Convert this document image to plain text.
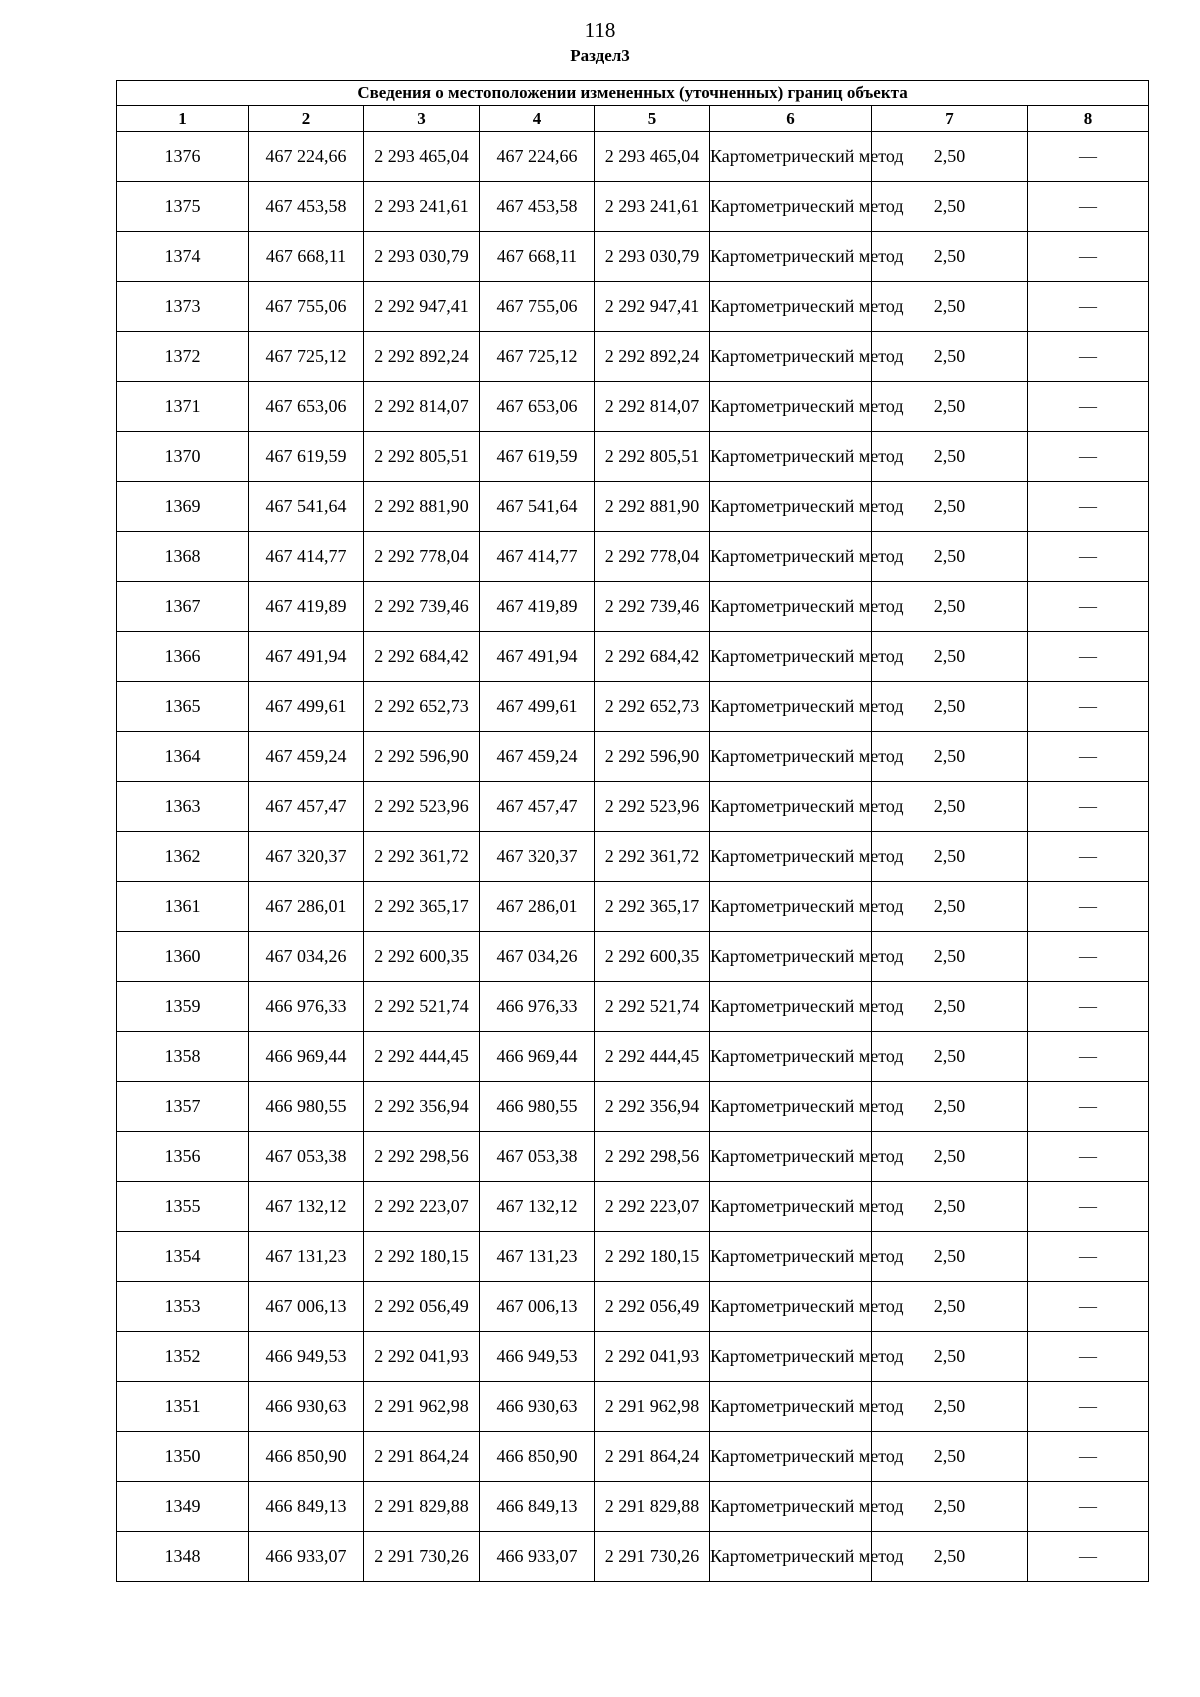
118
Раздел3
Сведения о местоположении измененных (уточненных) границ объекта							
1	2	3	4	5	6	7	8
1376	467 224,66	2 293 465,04	467 224,66	2 293 465,04	Картометрический метод	2,50	—
1375	467 453,58	2 293 241,61	467 453,58	2 293 241,61	Картометрический метод	2,50	—
1374	467 668,11	2 293 030,79	467 668,11	2 293 030,79	Картометрический метод	2,50	—
1373	467 755,06	2 292 947,41	467 755,06	2 292 947,41	Картометрический метод	2,50	—
1372	467 725,12	2 292 892,24	467 725,12	2 292 892,24	Картометрический метод	2,50	—
1371	467 653,06	2 292 814,07	467 653,06	2 292 814,07	Картометрический метод	2,50	—
1370	467 619,59	2 292 805,51	467 619,59	2 292 805,51	Картометрический метод	2,50	—
1369	467 541,64	2 292 881,90	467 541,64	2 292 881,90	Картометрический метод	2,50	—
1368	467 414,77	2 292 778,04	467 414,77	2 292 778,04	Картометрический метод	2,50	—
1367	467 419,89	2 292 739,46	467 419,89	2 292 739,46	Картометрический метод	2,50	—
1366	467 491,94	2 292 684,42	467 491,94	2 292 684,42	Картометрический метод	2,50	—
1365	467 499,61	2 292 652,73	467 499,61	2 292 652,73	Картометрический метод	2,50	—
1364	467 459,24	2 292 596,90	467 459,24	2 292 596,90	Картометрический метод	2,50	—
1363	467 457,47	2 292 523,96	467 457,47	2 292 523,96	Картометрический метод	2,50	—
1362	467 320,37	2 292 361,72	467 320,37	2 292 361,72	Картометрический метод	2,50	—
1361	467 286,01	2 292 365,17	467 286,01	2 292 365,17	Картометрический метод	2,50	—
1360	467 034,26	2 292 600,35	467 034,26	2 292 600,35	Картометрический метод	2,50	—
1359	466 976,33	2 292 521,74	466 976,33	2 292 521,74	Картометрический метод	2,50	—
1358	466 969,44	2 292 444,45	466 969,44	2 292 444,45	Картометрический метод	2,50	—
1357	466 980,55	2 292 356,94	466 980,55	2 292 356,94	Картометрический метод	2,50	—
1356	467 053,38	2 292 298,56	467 053,38	2 292 298,56	Картометрический метод	2,50	—
1355	467 132,12	2 292 223,07	467 132,12	2 292 223,07	Картометрический метод	2,50	—
1354	467 131,23	2 292 180,15	467 131,23	2 292 180,15	Картометрический метод	2,50	—
1353	467 006,13	2 292 056,49	467 006,13	2 292 056,49	Картометрический метод	2,50	—
1352	466 949,53	2 292 041,93	466 949,53	2 292 041,93	Картометрический метод	2,50	—
1351	466 930,63	2 291 962,98	466 930,63	2 291 962,98	Картометрический метод	2,50	—
1350	466 850,90	2 291 864,24	466 850,90	2 291 864,24	Картометрический метод	2,50	—
1349	466 849,13	2 291 829,88	466 849,13	2 291 829,88	Картометрический метод	2,50	—
1348	466 933,07	2 291 730,26	466 933,07	2 291 730,26	Картометрический метод	2,50	—
